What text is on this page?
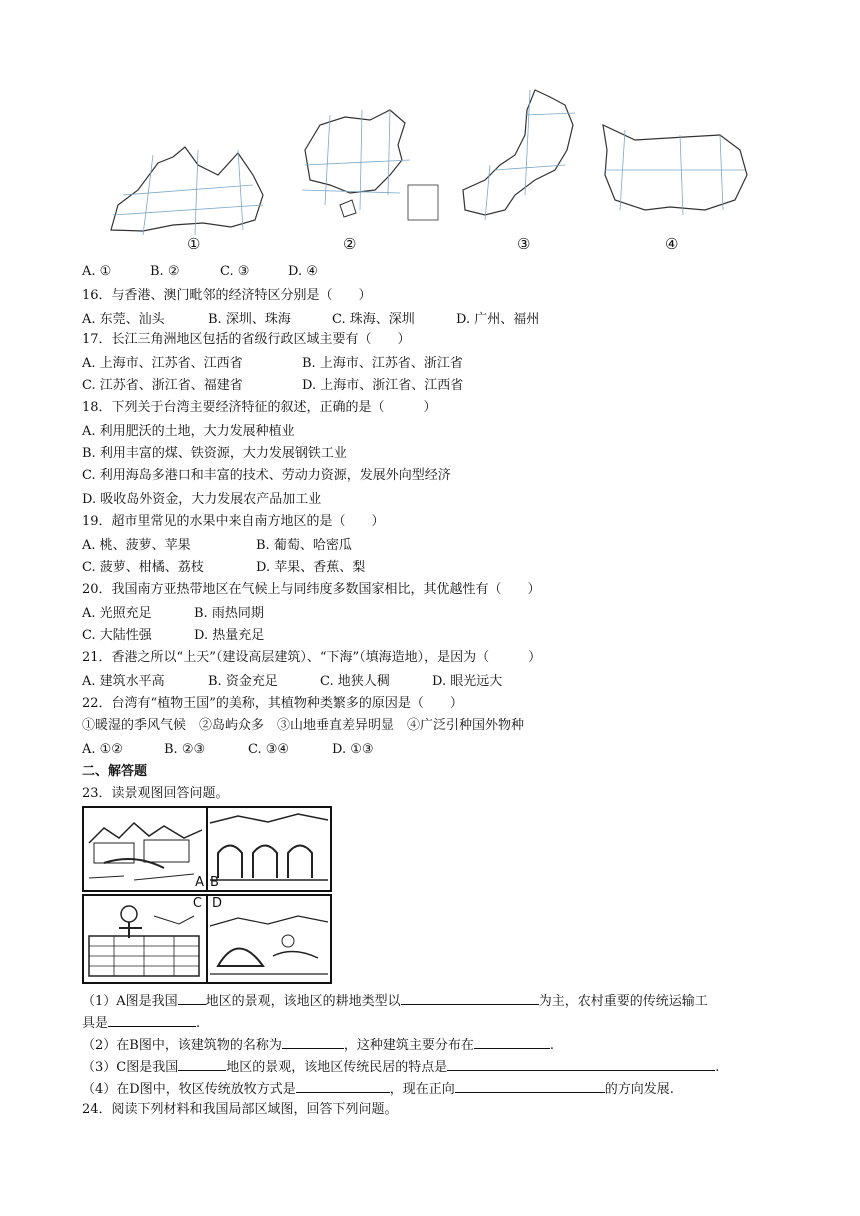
①	②	③	④
A. ①	B. ②	C. ③	D. ④
16．与香港、澳门毗邻的经济特区分别是（　　）
A. 东莞、汕头	B. 深圳、珠海	C. 珠海、深圳	D. 广州、福州
17．长江三角洲地区包括的省级行政区域主要有（　　）
A. 上海市、江苏省、江西省	B. 上海市、江苏省、浙江省
C. 江苏省、浙江省、福建省	D. 上海市、浙江省、江西省
18．下列关于台湾主要经济特征的叙述，正确的是（　　　）
A. 利用肥沃的土地，大力发展种植业
B. 利用丰富的煤、铁资源，大力发展钢铁工业
C. 利用海岛多港口和丰富的技术、劳动力资源，发展外向型经济
D. 吸收岛外资金，大力发展农产品加工业
19．超市里常见的水果中来自南方地区的是（　　）
A. 桃、菠萝、苹果	B. 葡萄、哈密瓜
C. 菠萝、柑橘、荔枝	D. 苹果、香蕉、梨
20．我国南方亚热带地区在气候上与同纬度多数国家相比，其优越性有（　　）
A. 光照充足	B. 雨热同期
C. 大陆性强	D. 热量充足
21．香港之所以“上天”（建设高层建筑）、“下海”（填海造地），是因为（　　　）
A. 建筑水平高	B. 资金充足	C. 地狭人稠	D. 眼光远大
22．台湾有“植物王国”的美称，其植物种类繁多的原因是（　　）
①暖湿的季风气候　②岛屿众多　③山地垂直差异明显　④广泛引种国外物种
A. ①②	B. ②③	C. ③④	D. ①③
二、解答题
23．读景观图回答问题。
A B
C D
（1）A图是我国 地区的景观，该地区的耕地类型以	为主，农村重要的传统运输工
具是	.
（2）在B图中，该建筑物的名称为	，这种建筑主要分布在	.
（3）C图是我国	地区的景观，该地区传统民居的特点是	.
（4）在D图中，牧区传统放牧方式是	，现在正向	的方向发展.
24．阅读下列材料和我国局部区域图，回答下列问题。
